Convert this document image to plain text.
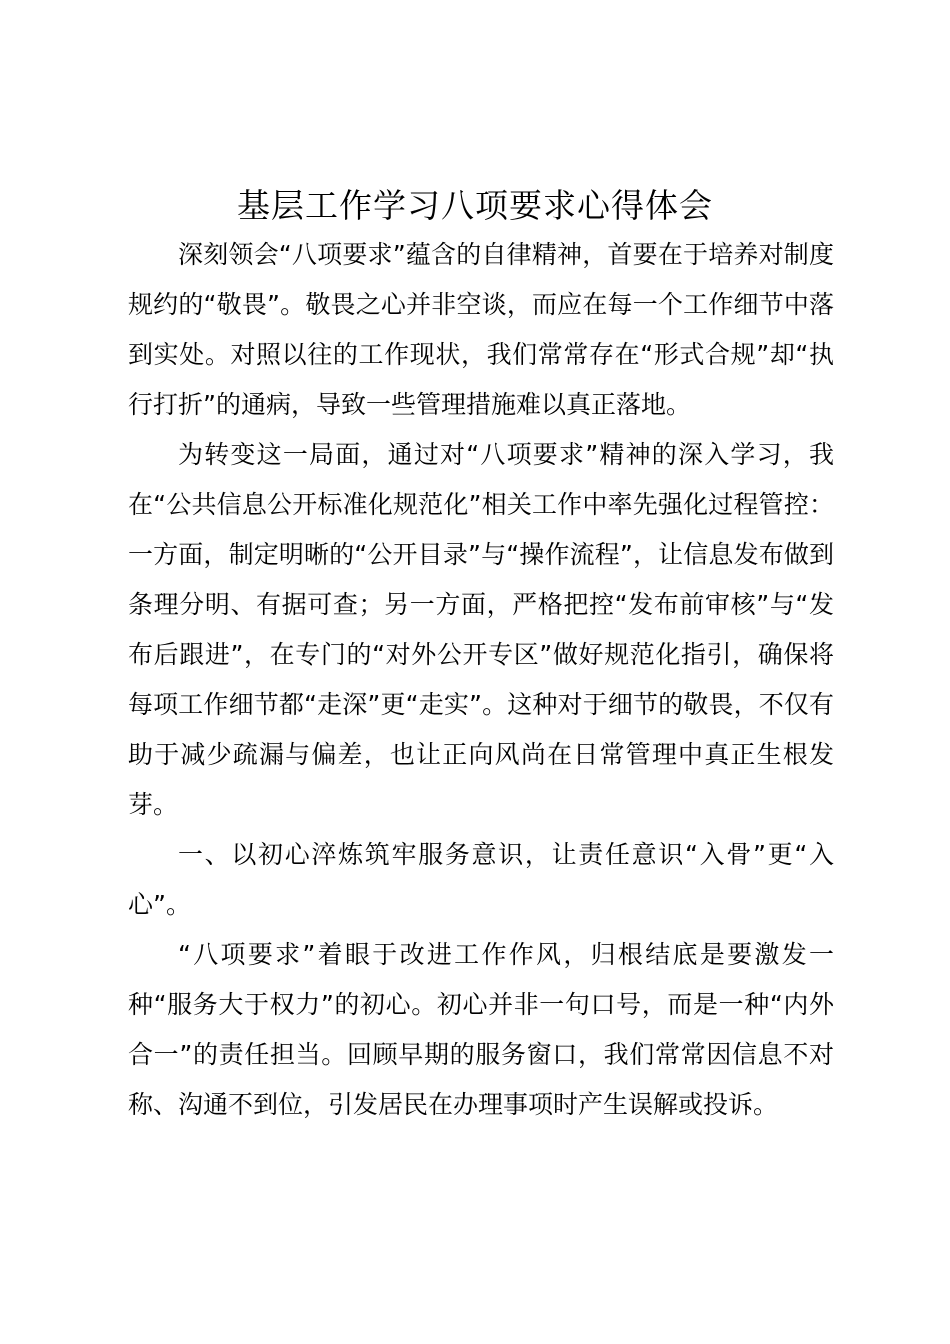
基层工作学习八项要求心得体会

深刻领会“八项要求”蕴含的自律精神，首要在于培养对制度规约的“敬畏”。敬畏之心并非空谈，而应在每一个工作细节中落到实处。对照以往的工作现状，我们常常存在“形式合规”却“执行打折”的通病，导致一些管理措施难以真正落地。

为转变这一局面，通过对“八项要求”精神的深入学习，我在“公共信息公开标准化规范化”相关工作中率先强化过程管控：一方面，制定明晰的“公开目录”与“操作流程”，让信息发布做到条理分明、有据可查；另一方面，严格把控“发布前审核”与“发布后跟进”，在专门的“对外公开专区”做好规范化指引，确保将每项工作细节都“走深”更“走实”。这种对于细节的敬畏，不仅有助于减少疏漏与偏差，也让正向风尚在日常管理中真正生根发芽。

一、以初心淬炼筑牢服务意识，让责任意识“入骨”更“入心”。

“八项要求”着眼于改进工作作风，归根结底是要激发一种“服务大于权力”的初心。初心并非一句口号，而是一种“内外合一”的责任担当。回顾早期的服务窗口，我们常常因信息不对称、沟通不到位，引发居民在办理事项时产生误解或投诉。
